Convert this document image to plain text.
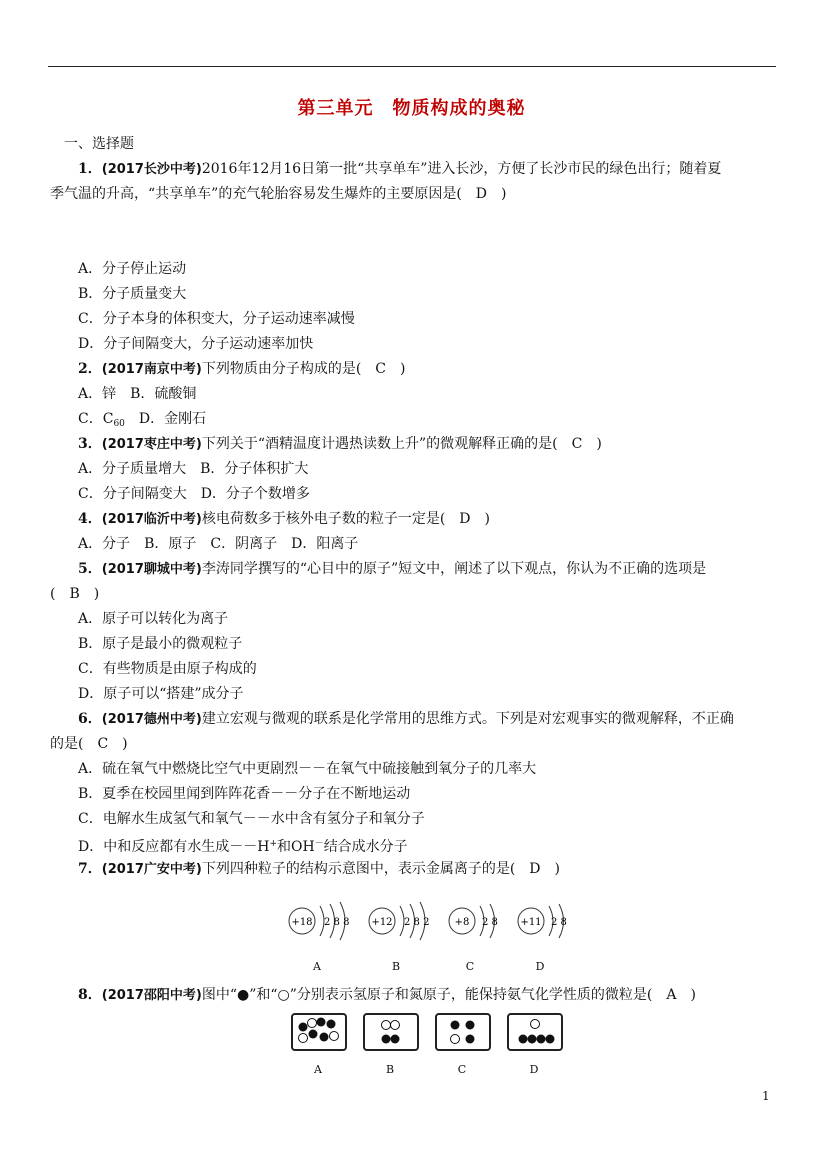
第三单元　物质构成的奥秘
一、选择题
1．(2017长沙中考)2016年12月16日第一批“共享单车”进入长沙，方便了长沙市民的绿色出行；随着夏
季气温的升高，“共享单车”的充气轮胎容易发生爆炸的主要原因是(　D　)
A．分子停止运动
B．分子质量变大
C．分子本身的体积变大，分子运动速率减慢
D．分子间隔变大，分子运动速率加快
2．(2017南京中考)下列物质由分子构成的是(　C　)
A．锌　B．硫酸铜
C．$C_{60}$　D．金刚石
3．(2017枣庄中考)下列关于“酒精温度计遇热读数上升”的微观解释正确的是(　C　)
A．分子质量增大　B．分子体积扩大
C．分子间隔变大　D．分子个数增多
4．(2017临沂中考)核电荷数多于核外电子数的粒子一定是(　D　)
A．分子　B．原子　C．阴离子　D．阳离子
5．(2017聊城中考)李涛同学撰写的“心目中的原子”短文中，阐述了以下观点，你认为不正确的选项是
(　B　)
A．原子可以转化为离子
B．原子是最小的微观粒子
C．有些物质是由原子构成的
D．原子可以“搭建”成分子
6．(2017德州中考)建立宏观与微观的联系是化学常用的思维方式。下列是对宏观事实的微观解释，不正确
的是(　C　)
A．硫在氧气中燃烧比空气中更剧烈－－在氧气中硫接触到氧分子的几率大
B．夏季在校园里闻到阵阵花香－－分子在不断地运动
C．电解水生成氢气和氧气－－水中含有氢分子和氧分子
D．中和反应都有水生成－－H+和OH－结合成水分子
7．(2017广安中考)下列四种粒子的结构示意图中，表示金属离子的是(　D　)
+18 2 8 8 +12 2 8 2	+8 2 8 +11 2 8
A	B	C	D
8．(2017邵阳中考)图中“●”和“○”分别表示氢原子和氮原子，能保持氨气化学性质的微粒是(　A　)
A	B	C	D
1
